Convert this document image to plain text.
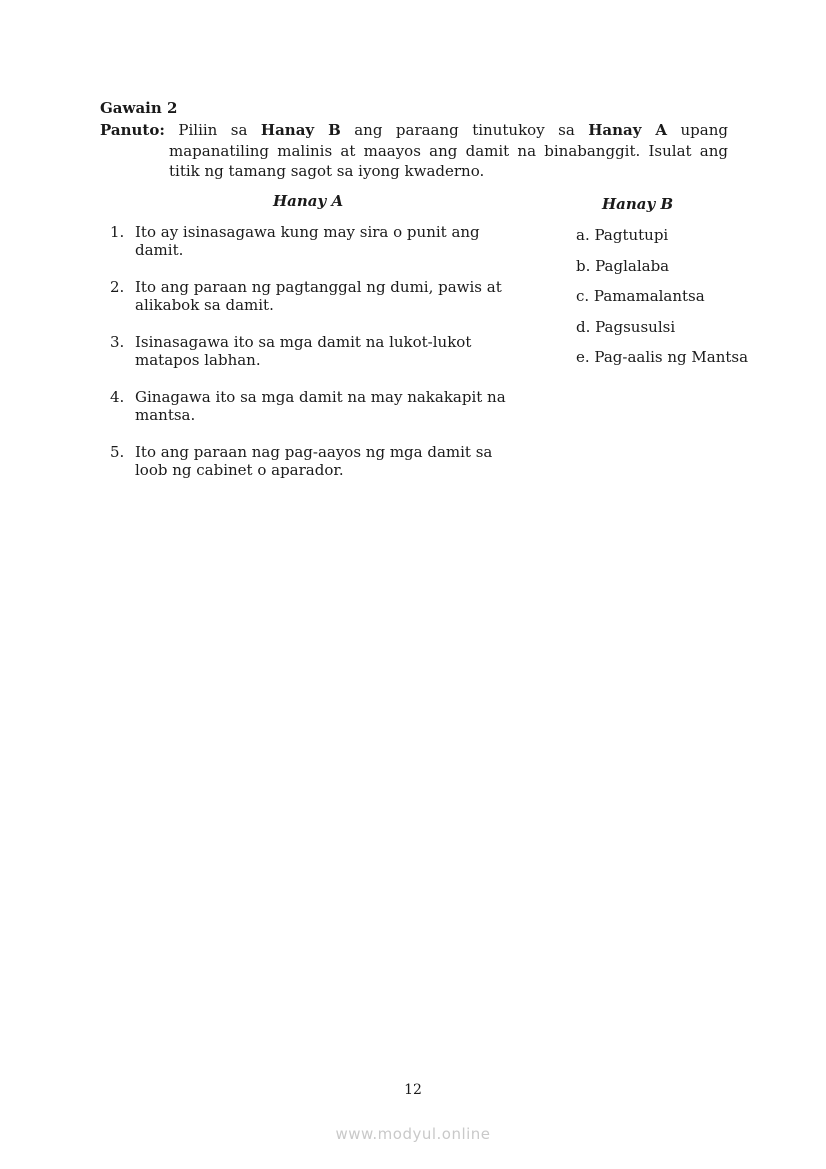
Gawain 2
Panuto: Piliin sa Hanay B ang paraang tinutukoy sa Hanay A upang mapanatiling malinis at maayos ang damit na binabanggit. Isulat ang titik ng tamang sagot sa iyong kwaderno.
Hanay A	Hanay B
1. Ito ay isinasagawa kung may sira o punit ang damit.
2. Ito ang paraan ng pagtanggal ng dumi, pawis at alikabok sa damit.
3. Isinasagawa ito sa mga damit na lukot-lukot matapos labhan.
4. Ginagawa ito sa mga damit na may nakakapit na mantsa.
5. Ito ang paraan nag pag-aayos ng mga damit sa loob ng cabinet o aparador.
a. Pagtutupi
b. Paglalaba
c. Pamamalantsa
d. Pagsusulsi
e. Pag-aalis ng Mantsa
12
www.modyul.online
